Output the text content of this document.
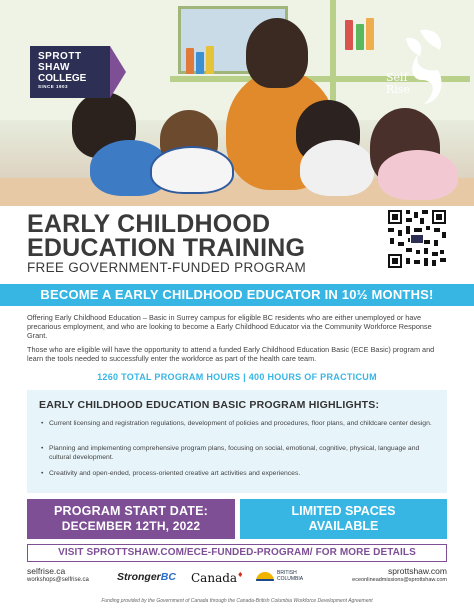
SPROTT
SHAW
COLLEGE
SINCE 1903
Self
Rise
EARLY CHILDHOOD
EDUCATION TRAINING
FREE GOVERNMENT-FUNDED PROGRAM
BECOME A EARLY CHILDHOOD EDUCATOR IN 10½ MONTHS!
Offering Early Childhood Education – Basic in Surrey campus for eligible BC residents who are either unemployed or have precarious employment, and who are looking to become a Early Childhood Educator via the Community Workforce Response Grant.
Those who are eligible will have the opportunity to attend a funded Early Childhood Education Basic (ECE Basic) program and learn the tools needed to successfully enter the workforce as part of the health care team.
1260 TOTAL PROGRAM HOURS | 400 HOURS OF PRACTICUM
EARLY CHILDHOOD EDUCATION BASIC PROGRAM HIGHLIGHTS:
• Current licensing and registration regulations, development of policies and procedures, floor plans, and childcare center design.
• Planning and implementing comprehensive program plans, focusing on social, emotional, cognitive, physical, language and cultural development.
• Creativity and open-ended, process-oriented creative art activities and experiences.
PROGRAM START DATE:
DECEMBER 12TH, 2022
LIMITED SPACES
AVAILABLE
VISIT SPROTTSHAW.COM/ECE-FUNDED-PROGRAM/ FOR MORE DETAILS
selfrise.ca
workshops@selfrise.ca	StrongerBC Canada♦	BRITISH
COLUMBIA
sprottshaw.com
eceonlineadmissions@sprottshaw.com
Funding provided by the Government of Canada through the Canada-British Columbia Workforce Development Agreement
